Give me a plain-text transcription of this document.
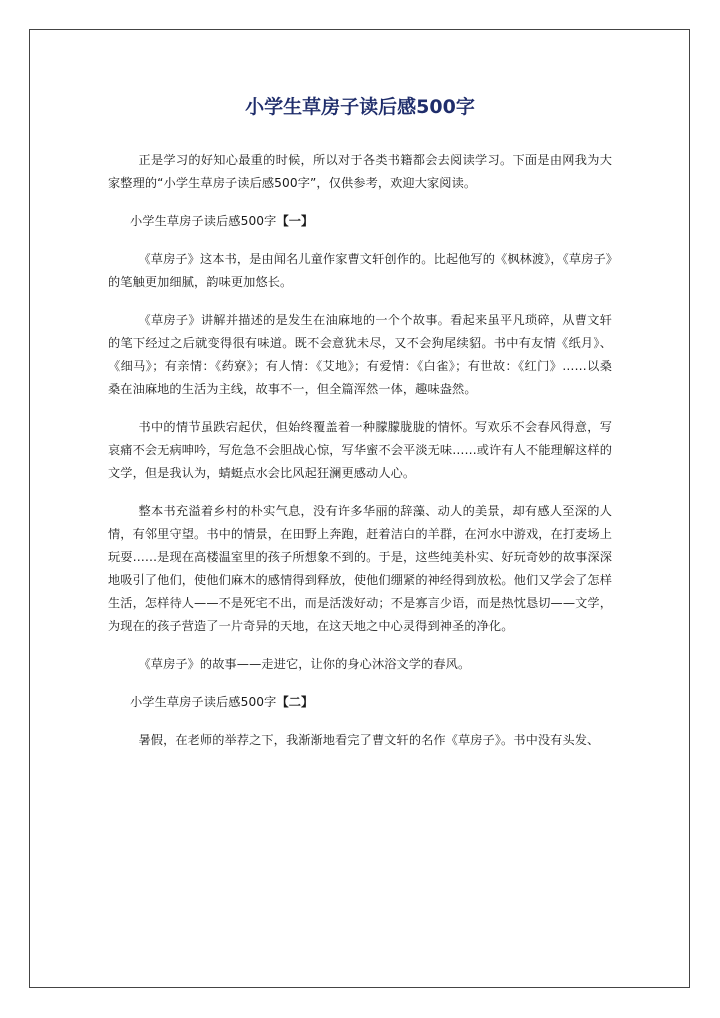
小学生草房子读后感500字

正是学习的好知心最重的时候，所以对于各类书籍都会去阅读学习。下面是由网我为大家整理的“小学生草房子读后感500字”，仅供参考，欢迎大家阅读。

小学生草房子读后感500字【一】

《草房子》这本书，是由闻名儿童作家曹文轩创作的。比起他写的《枫林渡》，《草房子》的笔触更加细腻，韵味更加悠长。

《草房子》讲解并描述的是发生在油麻地的一个个故事。看起来虽平凡琐碎，从曹文轩的笔下经过之后就变得很有味道。既不会意犹未尽，又不会狗尾续貂。书中有友情《纸月》、《细马》；有亲情：《药寮》；有人情：《艾地》；有爱情：《白雀》；有世故：《红门》……以桑桑在油麻地的生活为主线，故事不一，但全篇浑然一体，趣味盎然。

书中的情节虽跌宕起伏，但始终覆盖着一种朦朦胧胧的情怀。写欢乐不会春风得意，写哀痛不会无病呻吟，写危急不会胆战心惊，写华蜜不会平淡无味……或许有人不能理解这样的文学，但是我认为，蜻蜓点水会比风起狂澜更感动人心。

整本书充溢着乡村的朴实气息，没有许多华丽的辞藻、动人的美景，却有感人至深的人情，有邻里守望。书中的情景，在田野上奔跑，赶着洁白的羊群，在河水中游戏，在打麦场上玩耍……是现在高楼温室里的孩子所想象不到的。于是，这些纯美朴实、好玩奇妙的故事深深地吸引了他们，使他们麻木的感情得到释放，使他们绷紧的神经得到放松。他们又学会了怎样生活，怎样待人——不是死宅不出，而是活泼好动；不是寡言少语，而是热忱恳切——文学，为现在的孩子营造了一片奇异的天地，在这天地之中心灵得到神圣的净化。

《草房子》的故事——走进它，让你的身心沐浴文学的春风。

小学生草房子读后感500字【二】

暑假，在老师的举荐之下，我渐渐地看完了曹文轩的名作《草房子》。书中没有头发、
